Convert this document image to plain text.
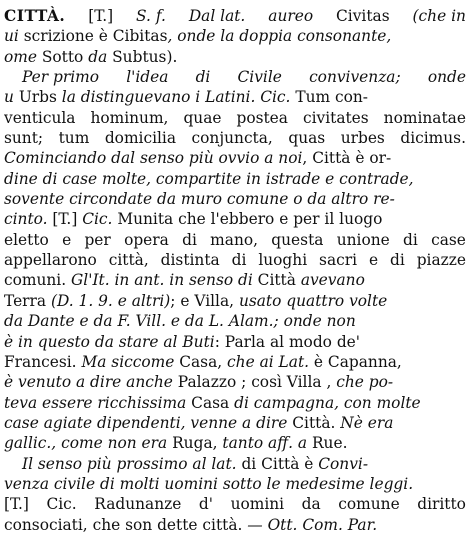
CITTÀ. [T.] S. f. Dal lat. aureo Civitas (che in
ui scrizione è Cibitas , onde la doppia consonante,
ome Sotto da Subtus).
Per primo l'idea di Civile convivenza; onde
u Urbs la distinguevano i Latini. Cic. Tum con-
venticula hominum, quae postea civitates nominatae
sunt; tum domicilia conjuncta, quas urbes dicimus.
Cominciando dal senso più ovvio a noi , Città è or-
dine di case molte, compartite in istrade e contrade,
sovente circondate da muro comune o da altro re-
cinto. [T.] Cic. Munita che l'ebbero e per il luogo
eletto e per opera di mano, questa unione di case
appellarono città, distinta di luoghi sacri e di piazze
comuni. Gl'It. in ant. in senso di Città avevano
Terra (D. 1. 9. e altri) ; e Villa, usato quattro volte
da Dante e da F. Vill. e da L. Alam.; onde non
è in questo da stare al Buti : Parla al modo de'
Francesi. Ma siccome Casa, che ai Lat. è Capanna,
è venuto a dire anche Palazzo ; così Villa , che po-
teva essere ricchissima Casa di campagna, con molte
case agiate dipendenti, venne a dire Città. Nè era
gallic., come non era Ruga, tanto aff. a Rue.
Il senso più prossimo al lat. di Città è Convi-
venza civile di molti uomini sotto le medesime leggi.
[T.] Cic. Radunanze d' uomini da comune diritto
consociati, che son dette città. — Ott. Com. Par.
